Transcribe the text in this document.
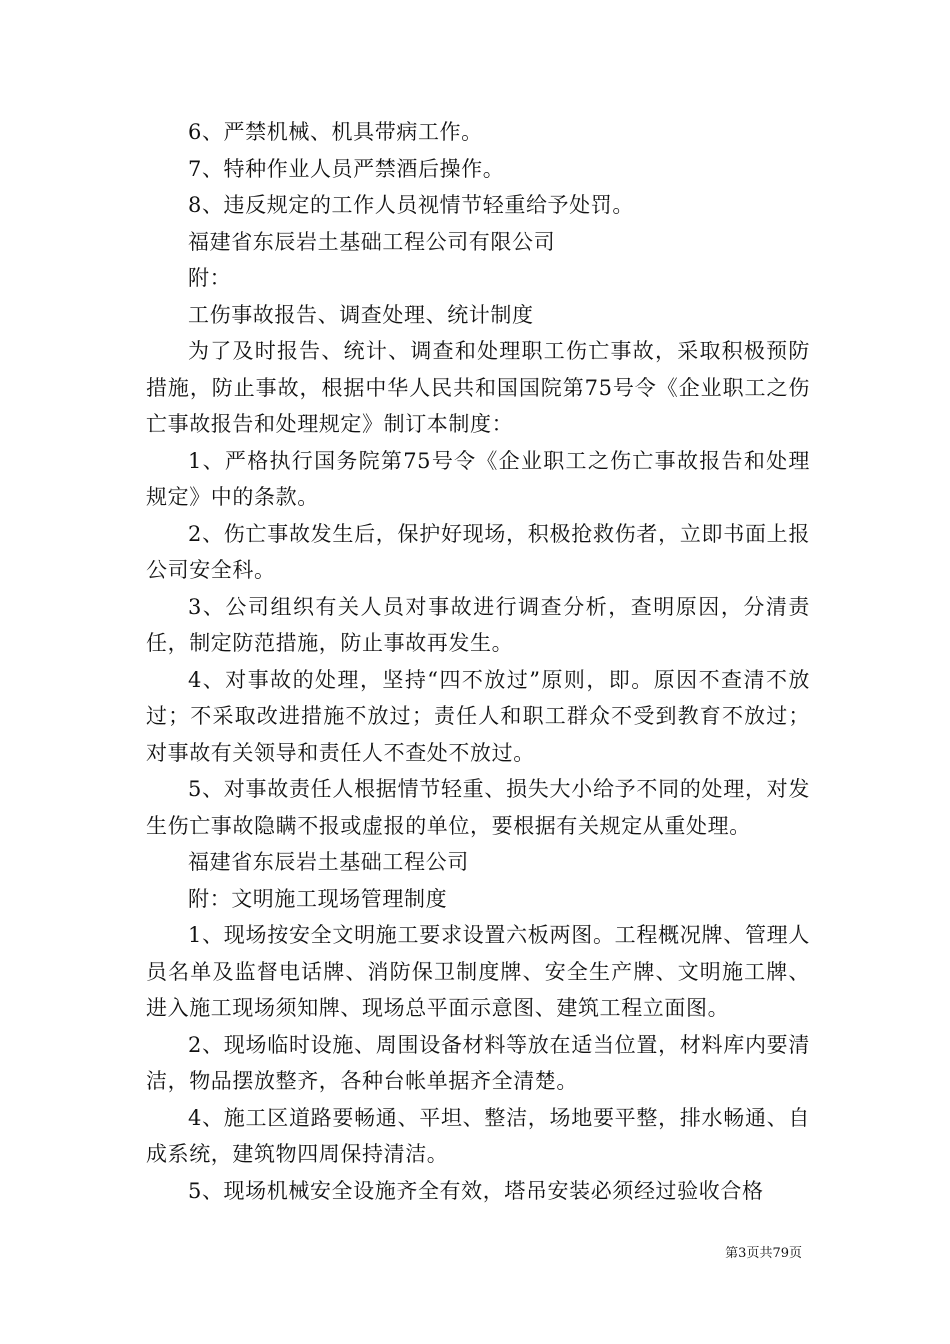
6、严禁机械、机具带病工作。

7、特种作业人员严禁酒后操作。

8、违反规定的工作人员视情节轻重给予处罚。

福建省东辰岩土基础工程公司有限公司

附：

工伤事故报告、调查处理、统计制度

为了及时报告、统计、调查和处理职工伤亡事故，采取积极预防措施，防止事故，根据中华人民共和国国院第75号令《企业职工之伤亡事故报告和处理规定》制订本制度：

1、严格执行国务院第75号令《企业职工之伤亡事故报告和处理规定》中的条款。

2、伤亡事故发生后，保护好现场，积极抢救伤者，立即书面上报公司安全科。

3、公司组织有关人员对事故进行调查分析，查明原因，分清责任，制定防范措施，防止事故再发生。

4、对事故的处理，坚持“四不放过”原则，即。原因不查清不放过；不采取改进措施不放过；责任人和职工群众不受到教育不放过；对事故有关领导和责任人不查处不放过。

5、对事故责任人根据情节轻重、损失大小给予不同的处理，对发生伤亡事故隐瞒不报或虚报的单位，要根据有关规定从重处理。

福建省东辰岩土基础工程公司

附：文明施工现场管理制度

1、现场按安全文明施工要求设置六板两图。工程概况牌、管理人员名单及监督电话牌、消防保卫制度牌、安全生产牌、文明施工牌、进入施工现场须知牌、现场总平面示意图、建筑工程立面图。

2、现场临时设施、周围设备材料等放在适当位置，材料库内要清洁，物品摆放整齐，各种台帐单据齐全清楚。

4、施工区道路要畅通、平坦、整洁，场地要平整，排水畅通、自成系统，建筑物四周保持清洁。

5、现场机械安全设施齐全有效，塔吊安装必须经过验收合格

第3页共79页
